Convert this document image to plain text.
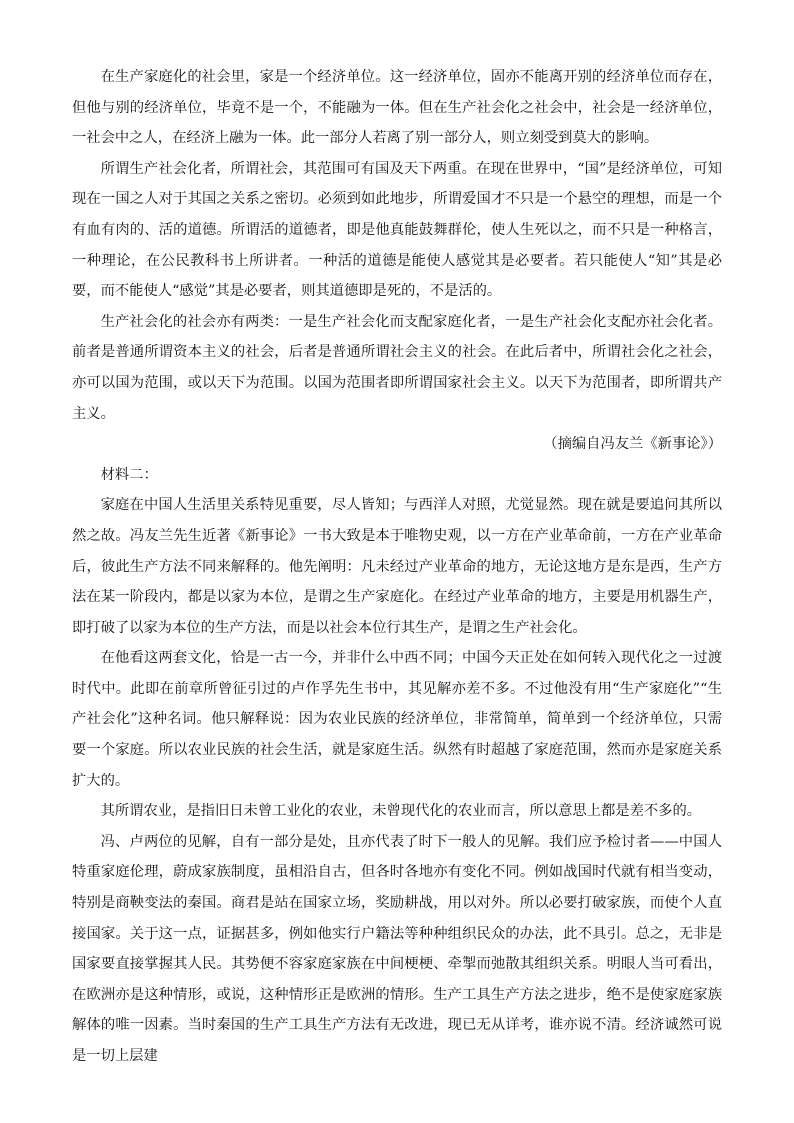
在生产家庭化的社会里，家是一个经济单位。这一经济单位，固亦不能离开别的经济单位而存在，但他与别的经济单位，毕竟不是一个，不能融为一体。但在生产社会化之社会中，社会是一经济单位，一社会中之人，在经济上融为一体。此一部分人若离了别一部分人，则立刻受到莫大的影响。

所谓生产社会化者，所谓社会，其范围可有国及天下两重。在现在世界中，“国”是经济单位，可知现在一国之人对于其国之关系之密切。必须到如此地步，所谓爱国才不只是一个悬空的理想，而是一个有血有肉的、活的道德。所谓活的道德者，即是他真能鼓舞群伦，使人生死以之，而不只是一种格言，一种理论，在公民教科书上所讲者。一种活的道德是能使人感觉其是必要者。若只能使人“知”其是必要，而不能使人“感觉”其是必要者，则其道德即是死的，不是活的。

生产社会化的社会亦有两类：一是生产社会化而支配家庭化者，一是生产社会化支配亦社会化者。前者是普通所谓资本主义的社会，后者是普通所谓社会主义的社会。在此后者中，所谓社会化之社会，亦可以国为范围，或以天下为范围。以国为范围者即所谓国家社会主义。以天下为范围者，即所谓共产主义。

（摘编自冯友兰《新事论》）

材料二：

家庭在中国人生活里关系特见重要，尽人皆知；与西洋人对照，尤觉显然。现在就是要追问其所以然之故。冯友兰先生近著《新事论》一书大致是本于唯物史观，以一方在产业革命前，一方在产业革命后，彼此生产方法不同来解释的。他先阐明：凡未经过产业革命的地方，无论这地方是东是西，生产方法在某一阶段内，都是以家为本位，是谓之生产家庭化。在经过产业革命的地方，主要是用机器生产，即打破了以家为本位的生产方法，而是以社会本位行其生产，是谓之生产社会化。

在他看这两套文化，恰是一古一今，并非什么中西不同；中国今天正处在如何转入现代化之一过渡时代中。此即在前章所曾征引过的卢作孚先生书中，其见解亦差不多。不过他没有用“生产家庭化”“生产社会化”这种名词。他只解释说：因为农业民族的经济单位，非常简单，简单到一个经济单位，只需要一个家庭。所以农业民族的社会生活，就是家庭生活。纵然有时超越了家庭范围，然而亦是家庭关系扩大的。

其所谓农业，是指旧日未曾工业化的农业，未曾现代化的农业而言，所以意思上都是差不多的。

冯、卢两位的见解，自有一部分是处，且亦代表了时下一般人的见解。我们应予检讨者——中国人特重家庭伦理，蔚成家族制度，虽相沿自古，但各时各地亦有变化不同。例如战国时代就有相当变动，特别是商鞅变法的秦国。商君是站在国家立场，奖励耕战，用以对外。所以必要打破家族，而使个人直接国家。关于这一点，证据甚多，例如他实行户籍法等种种组织民众的办法，此不具引。总之，无非是国家要直接掌握其人民。其势便不容家庭家族在中间梗梗、牵掣而弛散其组织关系。明眼人当可看出，在欧洲亦是这种情形，或说，这种情形正是欧洲的情形。生产工具生产方法之进步，绝不是使家庭家族解体的唯一因素。当时秦国的生产工具生产方法有无改进，现已无从详考，谁亦说不清。经济诚然可说是一切上层建
